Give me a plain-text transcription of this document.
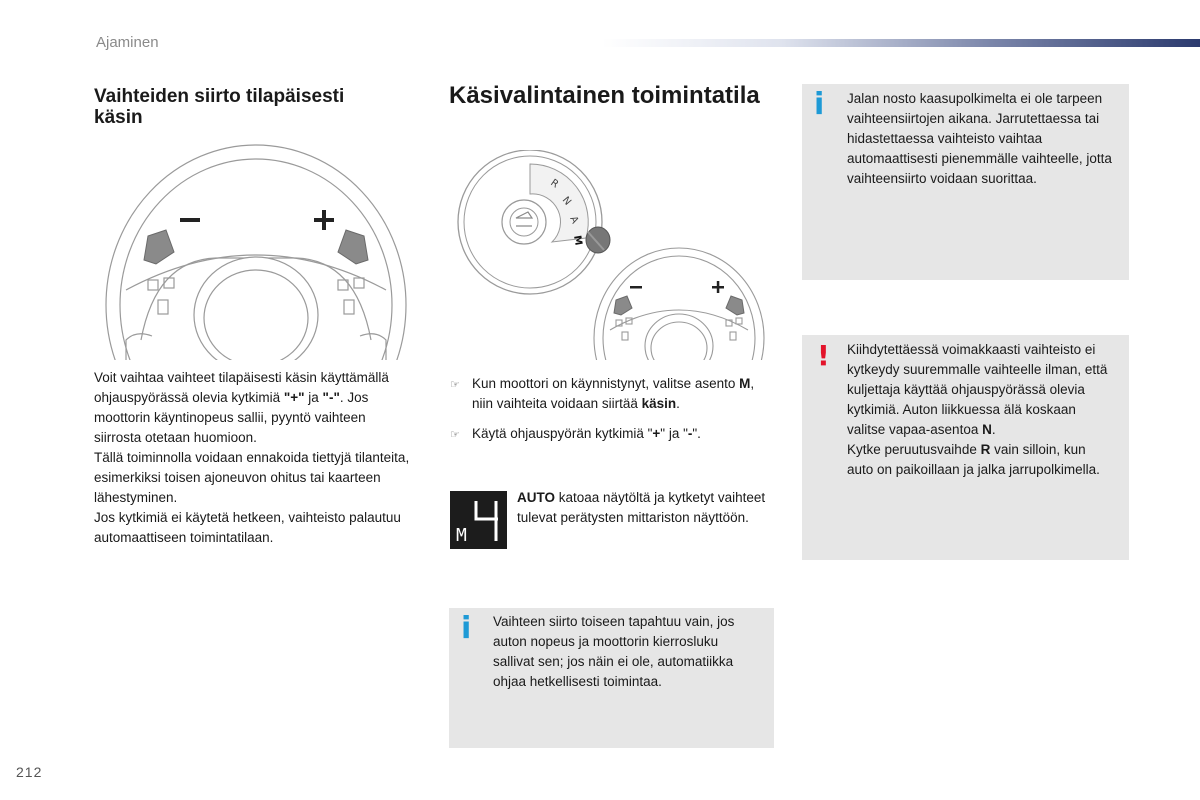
Ajaminen
Vaihteiden siirto tilapäisesti
käsin

Voit vaihtaa vaihteet tilapäisesti käsin käyttämällä ohjauspyörässä olevia kytkimiä "+" ja "-". Jos moottorin käyntinopeus sallii, pyyntö vaihteen siirrosta otetaan huomioon.

Tällä toiminnolla voidaan ennakoida tiettyjä tilanteita, esimerkiksi toisen ajoneuvon ohitus tai kaarteen lähestyminen.

Jos kytkimiä ei käytetä hetkeen, vaihteisto palautuu automaattiseen toimintatilaan.

Käsivalintainen toimintatila
R
N
A
M
☞ Kun moottori on käynnistynyt, valitse asento M, niin vaihteita voidaan siirtää käsin.
☞ Käytä ohjauspyörän kytkimiä "+" ja "-".
M
AUTO katoaa näytöltä ja kytketyt vaihteet tulevat perätysten mittariston näyttöön.
i Vaihteen siirto toiseen tapahtuu vain, jos auton nopeus ja moottorin kierrosluku sallivat sen; jos näin ei ole, automatiikka ohjaa hetkellisesti toimintaa.
i Jalan nosto kaasupolkimelta ei ole tarpeen vaihteensiirtojen aikana. Jarrutettaessa tai hidastettaessa vaihteisto vaihtaa automaattisesti pienemmälle vaihteelle, jotta vaihteensiirto voidaan suorittaa.
! Kiihdytettäessä voimakkaasti vaihteisto ei kytkeydy suuremmalle vaihteelle ilman, että kuljettaja käyttää ohjauspyörässä olevia kytkimiä. Auton liikkuessa älä koskaan valitse vapaa-asentoa N.
Kytke peruutusvaihde R vain silloin, kun auto on paikoillaan ja jalka jarrupolkimella.
212
